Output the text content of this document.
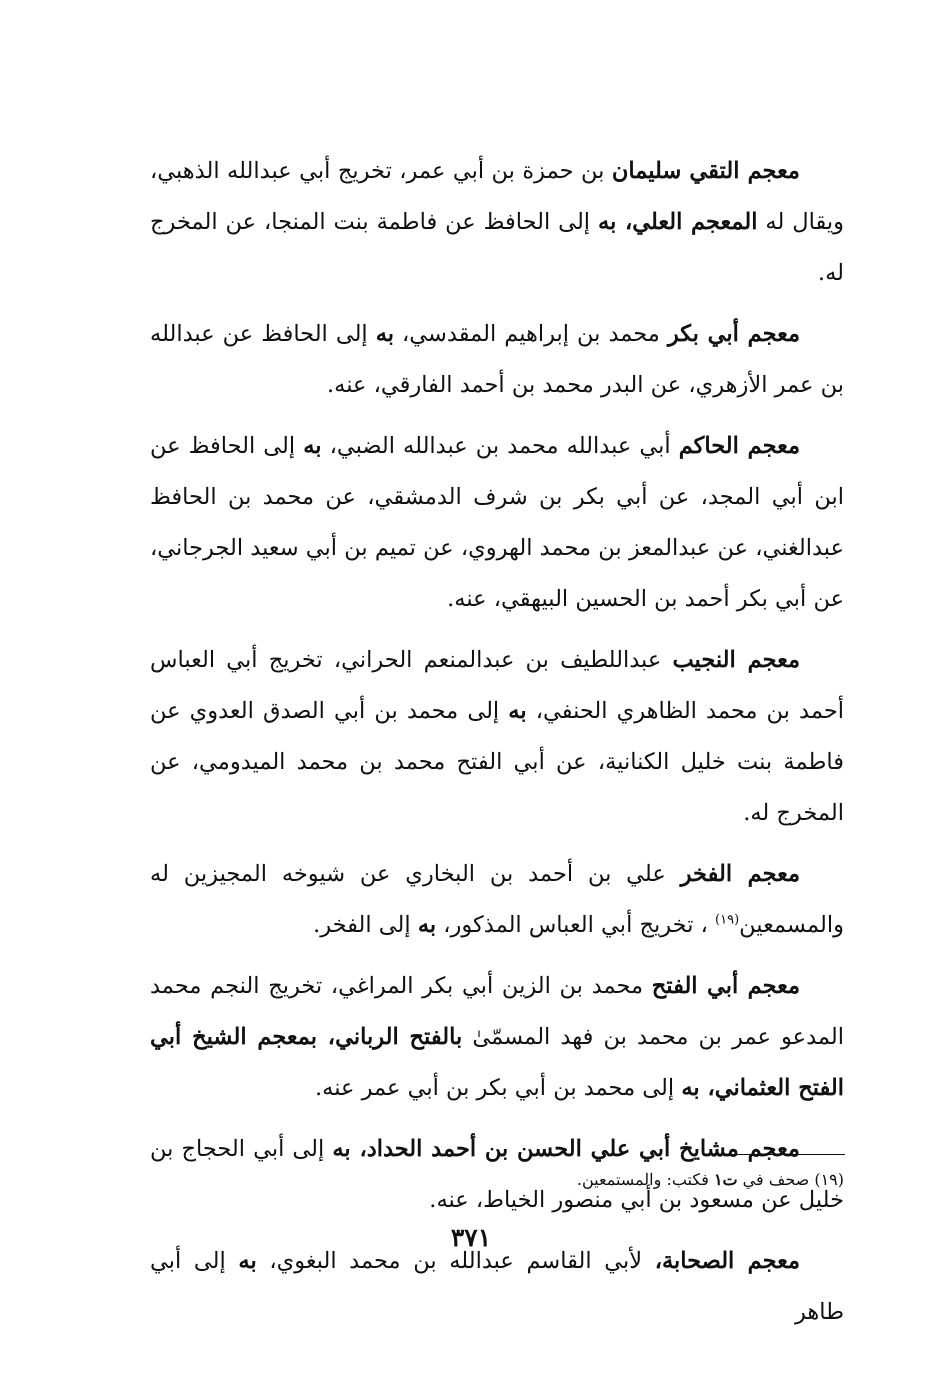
معجم التقي سليمان بن حمزة بن أبي عمر، تخريج أبي عبدالله الذهبي، ويقال له المعجم العلي، به إلى الحافظ عن فاطمة بنت المنجا، عن المخرج له.

معجم أبي بكر محمد بن إبراهيم المقدسي، به إلى الحافظ عن عبدالله بن عمر الأزهري، عن البدر محمد بن أحمد الفارقي، عنه.

معجم الحاكم أبي عبدالله محمد بن عبدالله الضبي، به إلى الحافظ عن ابن أبي المجد، عن أبي بكر بن شرف الدمشقي، عن محمد بن الحافظ عبدالغني، عن عبدالمعز بن محمد الهروي، عن تميم بن أبي سعيد الجرجاني، عن أبي بكر أحمد بن الحسين البيهقي، عنه.

معجم النجيب عبداللطيف بن عبدالمنعم الحراني، تخريج أبي العباس أحمد بن محمد الظاهري الحنفي، به إلى محمد بن أبي الصدق العدوي عن فاطمة بنت خليل الكنانية، عن أبي الفتح محمد بن محمد الميدومي، عن المخرج له.

معجم الفخر علي بن أحمد بن البخاري عن شيوخه المجيزين له والمسمعين$^{(١٩)}$ ، تخريج أبي العباس المذكور، به إلى الفخر.

معجم أبي الفتح محمد بن الزين أبي بكر المراغي، تخريج النجم محمد المدعو عمر بن محمد بن فهد المسمّىٰ بالفتح الرباني، بمعجم الشيخ أبي الفتح العثماني، به إلى محمد بن أبي بكر بن أبي عمر عنه.

معجم مشايخ أبي علي الحسن بن أحمد الحداد، به إلى أبي الحجاج بن خليل عن مسعود بن أبي منصور الخياط، عنه.

معجم الصحابة، لأبي القاسم عبدالله بن محمد البغوي، به إلى أبي طاهر

(١٩) صحف في ت١ فكتب: والمستمعين.
٣٧١
